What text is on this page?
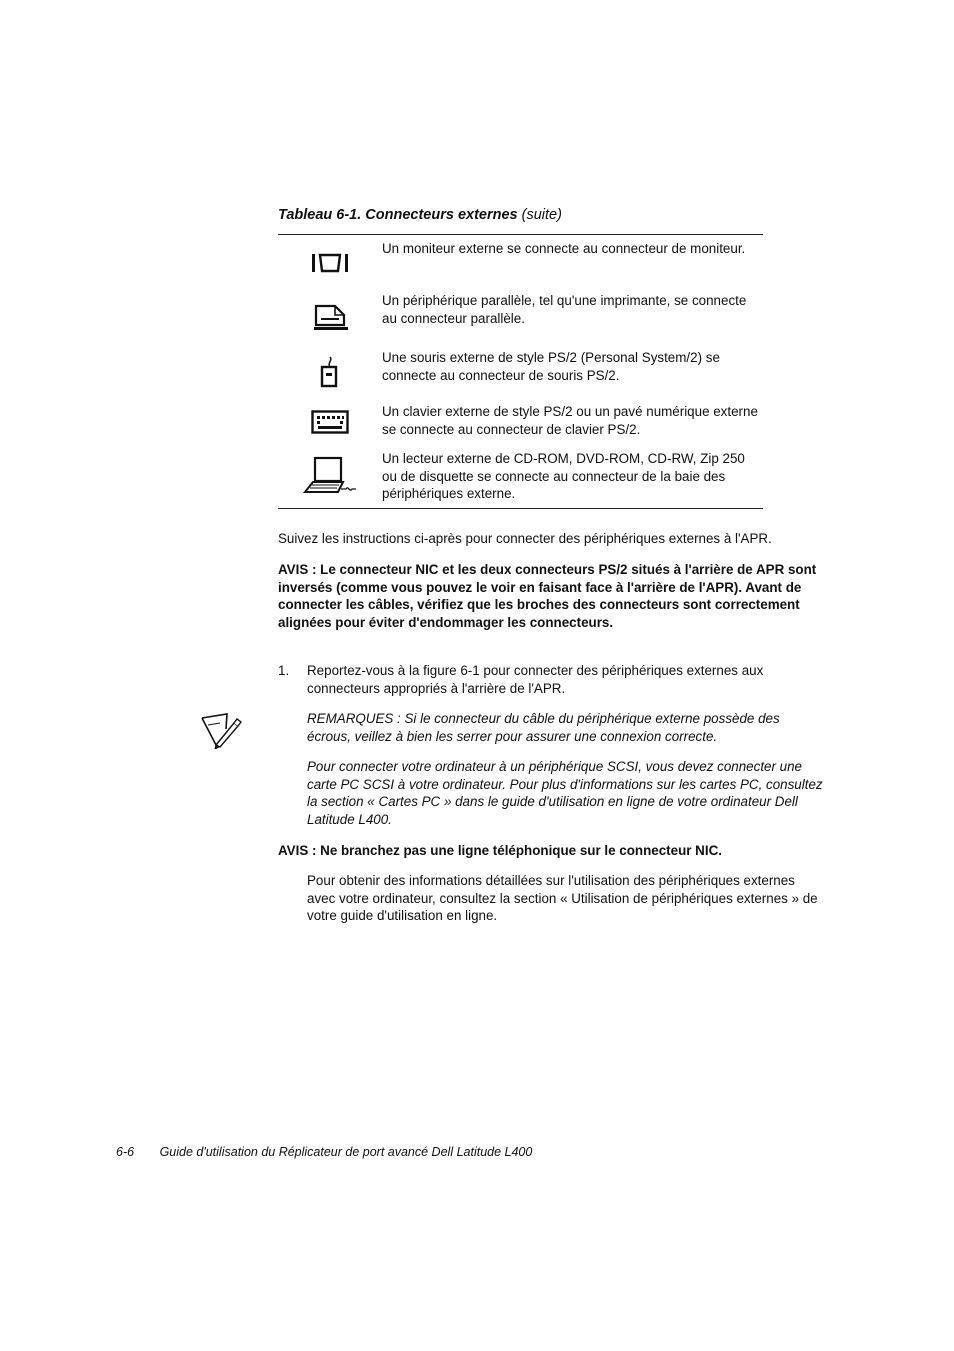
Tableau 6-1. Connecteurs externes (suite)
Un moniteur externe se connecte au connecteur de moniteur.
Un périphérique parallèle, tel qu'une imprimante, se connecte au connecteur parallèle.
Une souris externe de style PS/2 (Personal System/2) se connecte au connecteur de souris PS/2.
Un clavier externe de style PS/2 ou un pavé numérique externe se connecte au connecteur de clavier PS/2.
Un lecteur externe de CD-ROM, DVD-ROM, CD-RW, Zip 250 ou de disquette se connecte au connecteur de la baie des périphériques externe.
Suivez les instructions ci-après pour connecter des périphériques externes à l'APR.
AVIS : Le connecteur NIC et les deux connecteurs PS/2 situés à l'arrière de APR sont inversés (comme vous pouvez le voir en faisant face à l'arrière de l'APR). Avant de connecter les câbles, vérifiez que les broches des connecteurs sont correctement alignées pour éviter d'endommager les connecteurs.
1. Reportez-vous à la figure 6-1 pour connecter des périphériques externes aux connecteurs appropriés à l'arrière de l'APR.
REMARQUES : Si le connecteur du câble du périphérique externe possède des écrous, veillez à bien les serrer pour assurer une connexion correcte.
Pour connecter votre ordinateur à un périphérique SCSI, vous devez connecter une carte PC SCSI à votre ordinateur. Pour plus d'informations sur les cartes PC, consultez la section « Cartes PC » dans le guide d'utilisation en ligne de votre ordinateur Dell Latitude L400.
AVIS : Ne branchez pas une ligne téléphonique sur le connecteur NIC.
Pour obtenir des informations détaillées sur l'utilisation des périphériques externes avec votre ordinateur, consultez la section « Utilisation de périphériques externes » de votre guide d'utilisation en ligne.
6-6 Guide d'utilisation du Réplicateur de port avancé Dell Latitude L400
